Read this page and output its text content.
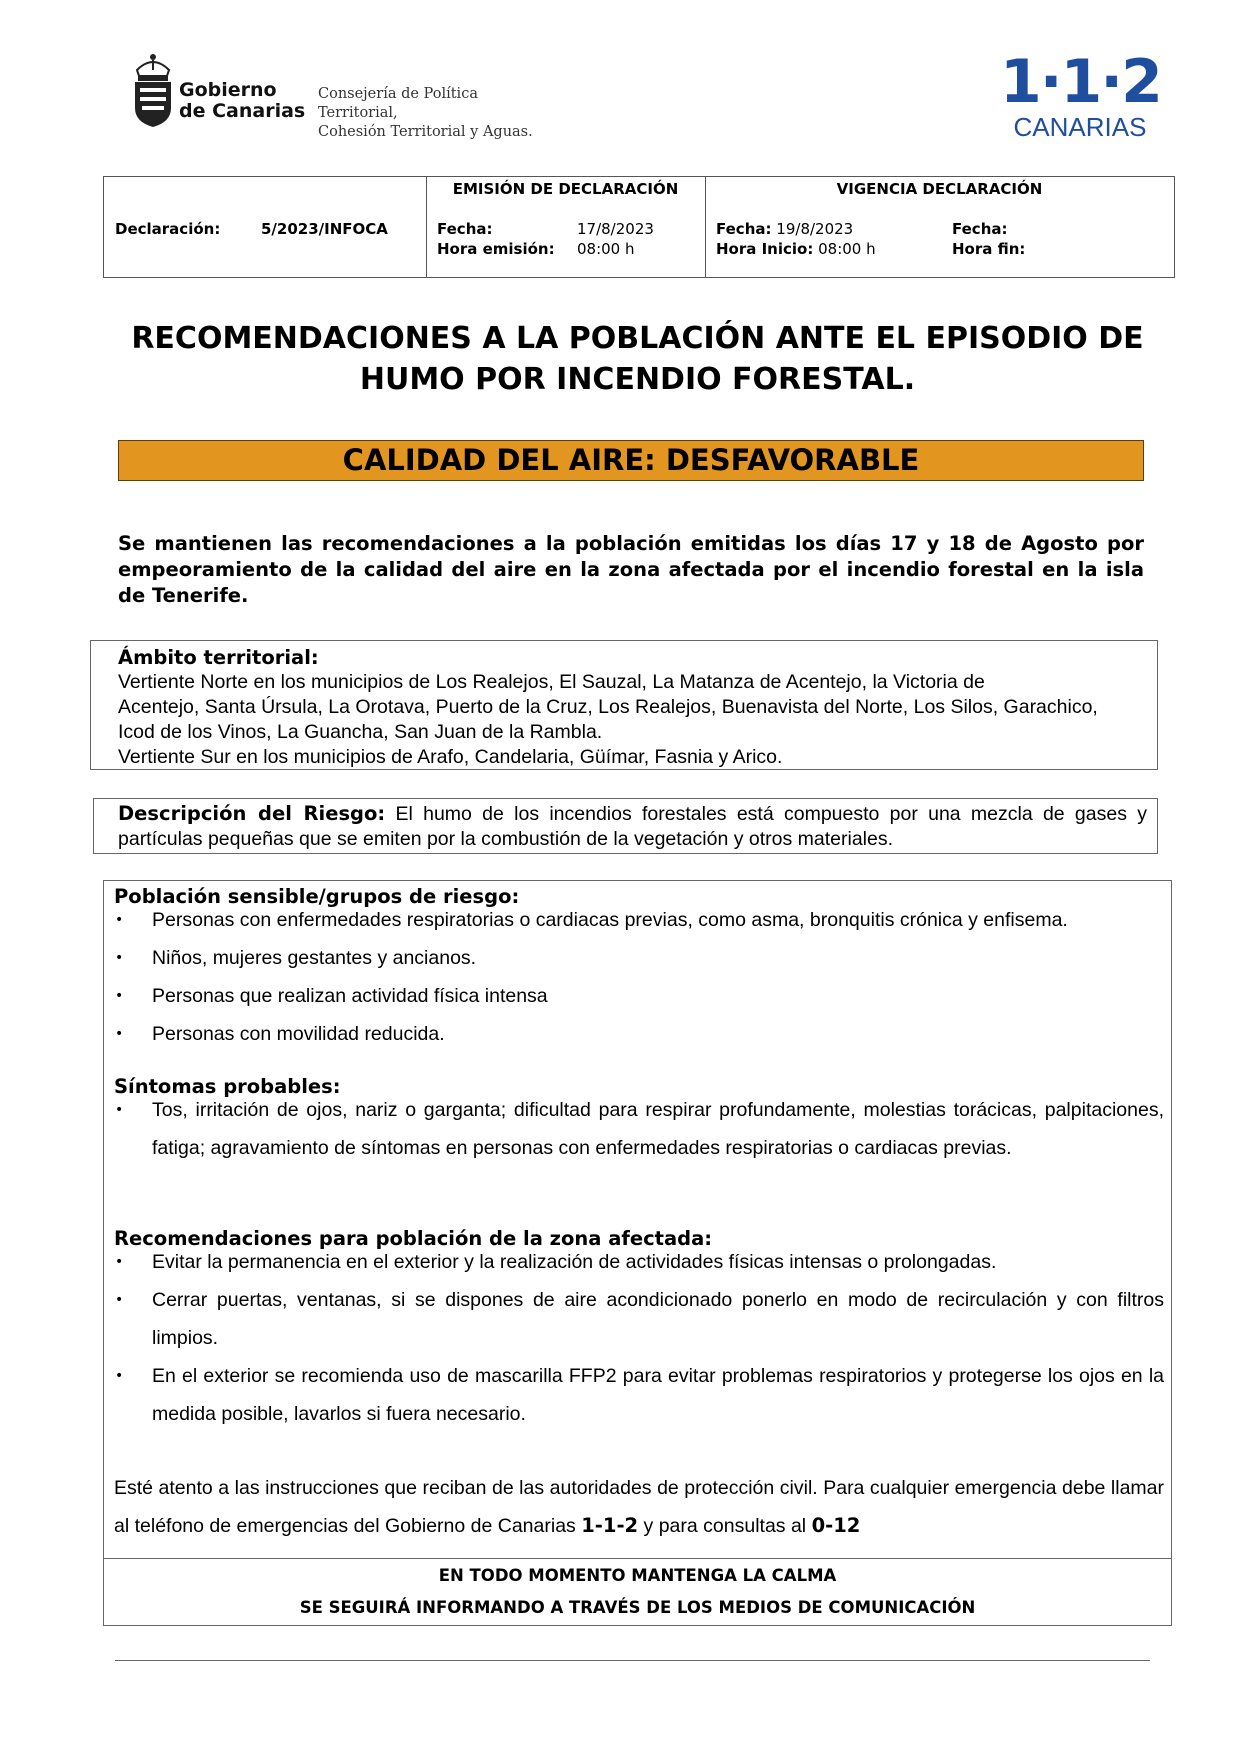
Gobierno
de Canarias
Consejería de Política Territorial,
Cohesión Territorial y Aguas.
1·1·2
CANARIAS
Declaración:	5/2023/INFOCA
EMISIÓN DE DECLARACIÓN
Fecha:	17/8/2023
Hora emisión: 08:00 h
VIGENCIA DECLARACIÓN
Fecha: 19/8/2023
Hora Inicio: 08:00 h
Fecha:
Hora fin:
RECOMENDACIONES A LA POBLACIÓN ANTE EL EPISODIO DE
HUMO POR INCENDIO FORESTAL.
CALIDAD DEL AIRE: DESFAVORABLE
Se mantienen las recomendaciones a la población emitidas los días 17 y 18 de Agosto por empeoramiento de la calidad del aire en la zona afectada por el incendio forestal en la isla de Tenerife.
Ámbito territorial:
Vertiente Norte en los municipios de Los Realejos, El Sauzal, La Matanza de Acentejo, la Victoria de
Acentejo, Santa Úrsula, La Orotava, Puerto de la Cruz, Los Realejos, Buenavista del Norte, Los Silos, Garachico,
Icod de los Vinos, La Guancha, San Juan de la Rambla.
Vertiente Sur en los municipios de Arafo, Candelaria, Güímar, Fasnia y Arico.
Descripción del Riesgo: El humo de los incendios forestales está compuesto por una mezcla de gases y partículas pequeñas que se emiten por la combustión de la vegetación y otros materiales.
Población sensible/grupos de riesgo:
• Personas con enfermedades respiratorias o cardiacas previas, como asma, bronquitis crónica y enfisema.
• Niños, mujeres gestantes y ancianos.
• Personas que realizan actividad física intensa
• Personas con movilidad reducida.
Síntomas probables:
• Tos, irritación de ojos, nariz o garganta; dificultad para respirar profundamente, molestias torácicas, palpitaciones, fatiga; agravamiento de síntomas en personas con enfermedades respiratorias o cardiacas previas.
Recomendaciones para población de la zona afectada:
• Evitar la permanencia en el exterior y la realización de actividades físicas intensas o prolongadas.
• Cerrar puertas, ventanas, si se dispones de aire acondicionado ponerlo en modo de recirculación y con filtros limpios.
• En el exterior se recomienda uso de mascarilla FFP2 para evitar problemas respiratorios y protegerse los ojos en la medida posible, lavarlos si fuera necesario.
Esté atento a las instrucciones que reciban de las autoridades de protección civil. Para cualquier emergencia debe llamar al teléfono de emergencias del Gobierno de Canarias 1-1-2 y para consultas al 0-12
EN TODO MOMENTO MANTENGA LA CALMA
SE SEGUIRÁ INFORMANDO A TRAVÉS DE LOS MEDIOS DE COMUNICACIÓN
